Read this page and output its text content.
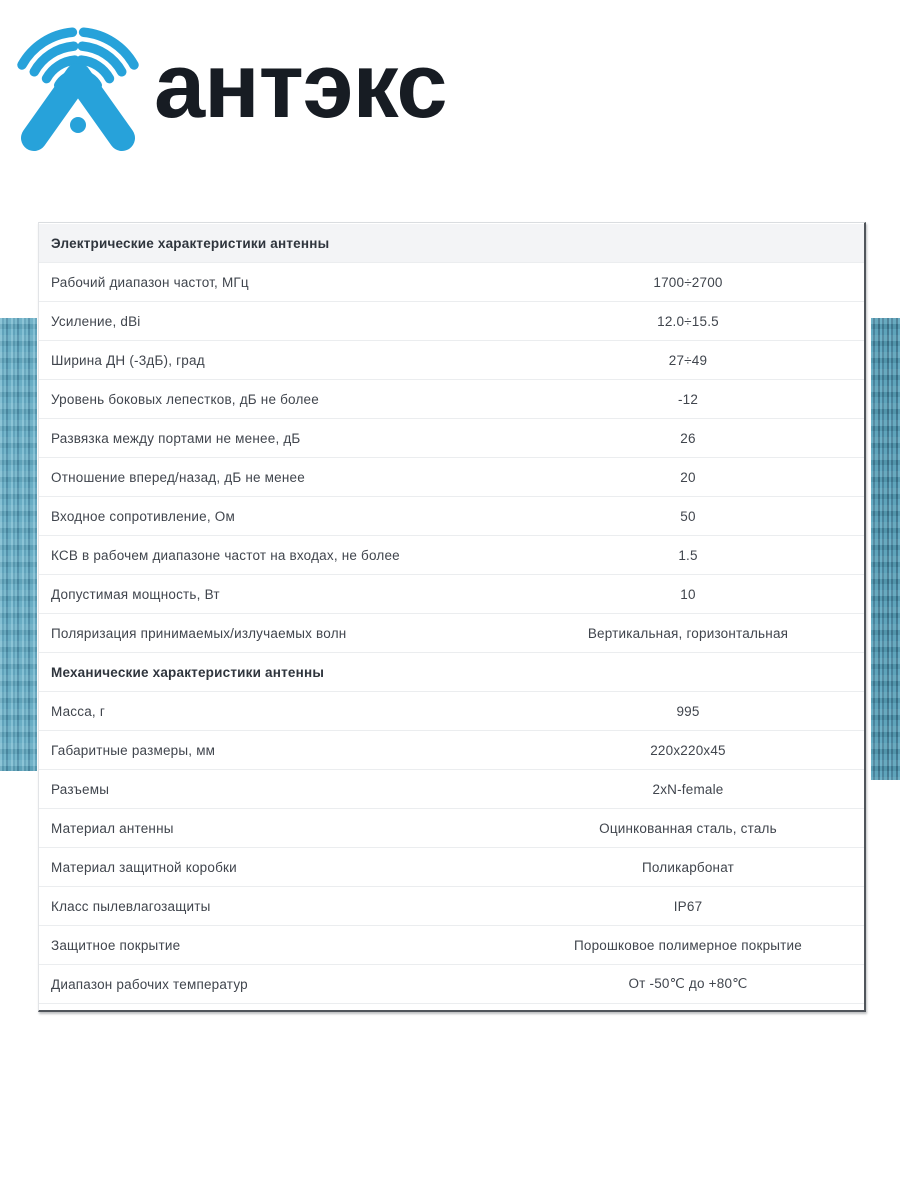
антэкс
Электрические характеристики антенны
Рабочий диапазон частот, МГц	1700÷2700
Усиление, dBi	12.0÷15.5
Ширина ДН (-3дБ), град	27÷49
Уровень боковых лепестков, дБ не более	-12
Развязка между портами не менее, дБ	26
Отношение вперед/назад, дБ не менее	20
Входное сопротивление, Ом	50
КСВ в рабочем диапазоне частот на входах, не более	1.5
Допустимая мощность, Вт	10
Поляризация принимаемых/излучаемых волн	Вертикальная, горизонтальная
Механические характеристики антенны
Масса, г	995
Габаритные размеры, мм	220x220x45
Разъемы	2xN-female
Материал антенны	Оцинкованная сталь, сталь
Материал защитной коробки	Поликарбонат
Класс пылевлагозащиты	IP67
Защитное покрытие	Порошковое полимерное покрытие
Диапазон рабочих температур	От -50℃ до +80℃
